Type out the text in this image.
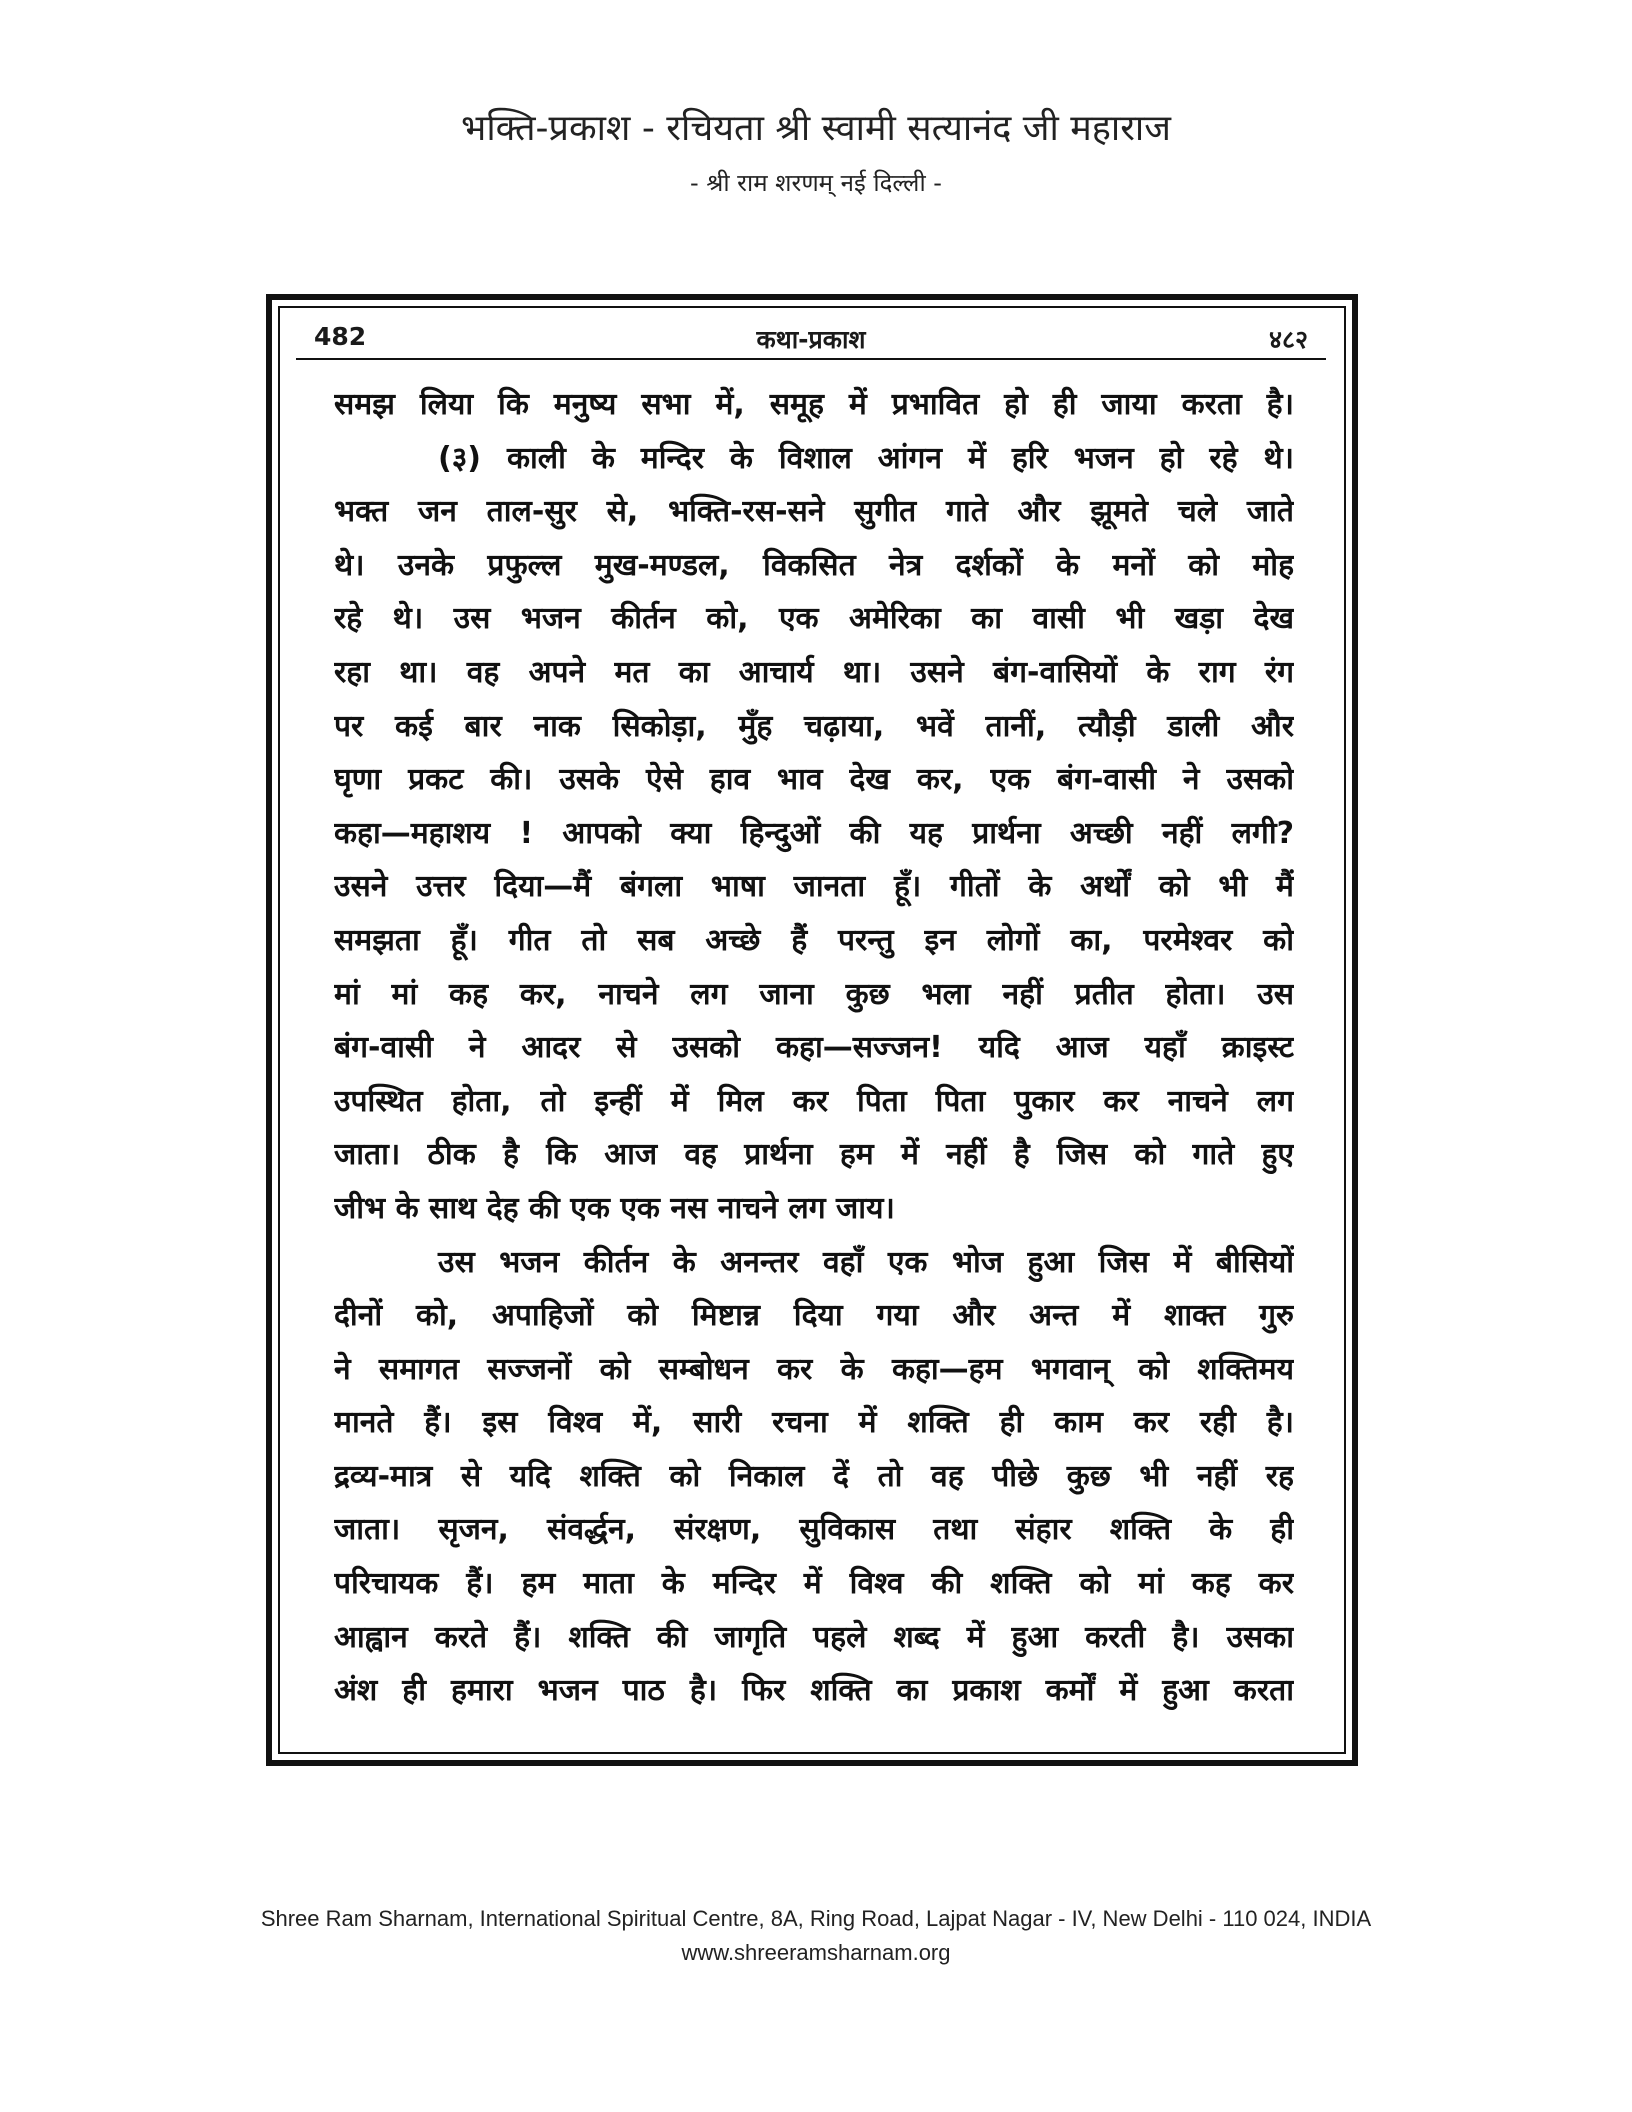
भक्ति-प्रकाश - रचियता श्री स्वामी सत्यानंद जी महाराज
- श्री राम शरणम् नई दिल्ली -
कथा-प्रकाश
482	४८२
समझ लिया कि मनुष्य सभा में, समूह में प्रभावित हो ही जाया करता है।
(३) काली के मन्दिर के विशाल आंगन में हरि भजन हो रहे थे।
भक्त जन ताल-सुर से, भक्ति-रस-सने सुगीत गाते और झूमते चले जाते
थे। उनके प्रफुल्ल मुख-मण्डल, विकसित नेत्र दर्शकों के मनों को मोह
रहे थे। उस भजन कीर्तन को, एक अमेरिका का वासी भी खड़ा देख
रहा था। वह अपने मत का आचार्य था। उसने बंग-वासियों के राग रंग
पर कई बार नाक सिकोड़ा, मुँह चढ़ाया, भवें तानीं, त्यौड़ी डाली और
घृणा प्रकट की। उसके ऐसे हाव भाव देख कर, एक बंग-वासी ने उसको
कहा—महाशय ! आपको क्या हिन्दुओं की यह प्रार्थना अच्छी नहीं लगी?
उसने उत्तर दिया—मैं बंगला भाषा जानता हूँ। गीतों के अर्थों को भी मैं
समझता हूँ। गीत तो सब अच्छे हैं परन्तु इन लोगों का, परमेश्वर को
मां मां कह कर, नाचने लग जाना कुछ भला नहीं प्रतीत होता। उस
बंग-वासी ने आदर से उसको कहा—सज्जन! यदि आज यहाँ क्राइस्ट
उपस्थित होता, तो इन्हीं में मिल कर पिता पिता पुकार कर नाचने लग
जाता। ठीक है कि आज वह प्रार्थना हम में नहीं है जिस को गाते हुए
जीभ के साथ देह की एक एक नस नाचने लग जाय।
उस भजन कीर्तन के अनन्तर वहाँ एक भोज हुआ जिस में बीसियों
दीनों को, अपाहिजों को मिष्टान्न दिया गया और अन्त में शाक्त गुरु
ने समागत सज्जनों को सम्बोधन कर के कहा—हम भगवान् को शक्तिमय
मानते हैं। इस विश्व में, सारी रचना में शक्ति ही काम कर रही है।
द्रव्य-मात्र से यदि शक्ति को निकाल दें तो वह पीछे कुछ भी नहीं रह
जाता। सृजन, संवर्द्धन, संरक्षण, सुविकास तथा संहार शक्ति के ही
परिचायक हैं। हम माता के मन्दिर में विश्व की शक्ति को मां कह कर
आह्वान करते हैं। शक्ति की जागृति पहले शब्द में हुआ करती है। उसका
अंश ही हमारा भजन पाठ है। फिर शक्ति का प्रकाश कर्मों में हुआ करता
Shree Ram Sharnam, International Spiritual Centre, 8A, Ring Road, Lajpat Nagar - IV, New Delhi - 110 024, INDIA
www.shreeramsharnam.org
